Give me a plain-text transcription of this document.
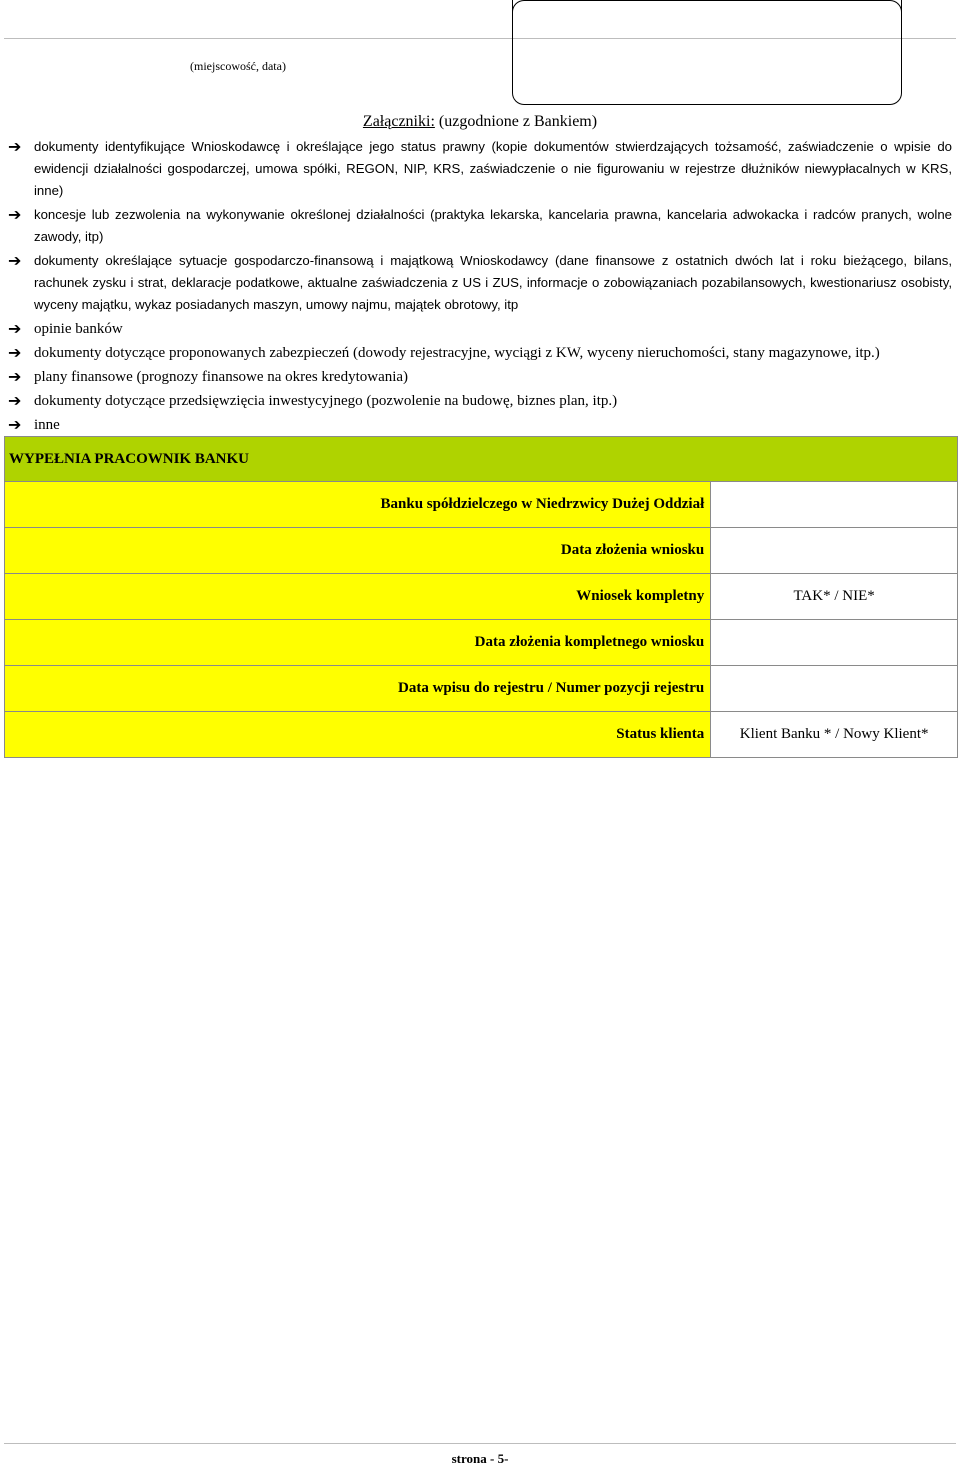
(miejscowość, data)
Załączniki: (uzgodnione z Bankiem)
➔ dokumenty identyfikujące Wnioskodawcę i określające jego status prawny (kopie dokumentów stwierdzających tożsamość, zaświadczenie o wpisie do ewidencji działalności gospodarczej, umowa spółki, REGON, NIP, KRS, zaświadczenie o nie figurowaniu w rejestrze dłużników niewypłacalnych w KRS, inne)
➔ koncesje lub zezwolenia na wykonywanie określonej działalności (praktyka lekarska, kancelaria prawna, kancelaria adwokacka i radców pranych, wolne zawody, itp)
➔ dokumenty określające sytuacje gospodarczo-finansową i majątkową Wnioskodawcy (dane finansowe z ostatnich dwóch lat i roku bieżącego, bilans, rachunek zysku i strat, deklaracje podatkowe, aktualne zaświadczenia z US i ZUS, informacje o zobowiązaniach pozabilansowych, kwestionariusz osobisty, wyceny majątku, wykaz posiadanych maszyn, umowy najmu, majątek obrotowy, itp
➔ opinie banków
➔ dokumenty dotyczące proponowanych zabezpieczeń (dowody rejestracyjne, wyciągi z KW, wyceny nieruchomości, stany magazynowe, itp.)
➔ plany finansowe (prognozy finansowe na okres kredytowania)
➔ dokumenty dotyczące przedsięwzięcia inwestycyjnego (pozwolenie na budowę, biznes plan, itp.)
➔ inne
WYPEŁNIA PRACOWNIK BANKU	
Banku spółdzielczego w Niedrzwicy Dużej Oddział	
Data złożenia wniosku	
Wniosek kompletny	TAK* / NIE*
Data złożenia kompletnego wniosku	
Data wpisu do rejestru / Numer pozycji rejestru	
Status klienta	Klient Banku * / Nowy Klient*
strona - 5-
